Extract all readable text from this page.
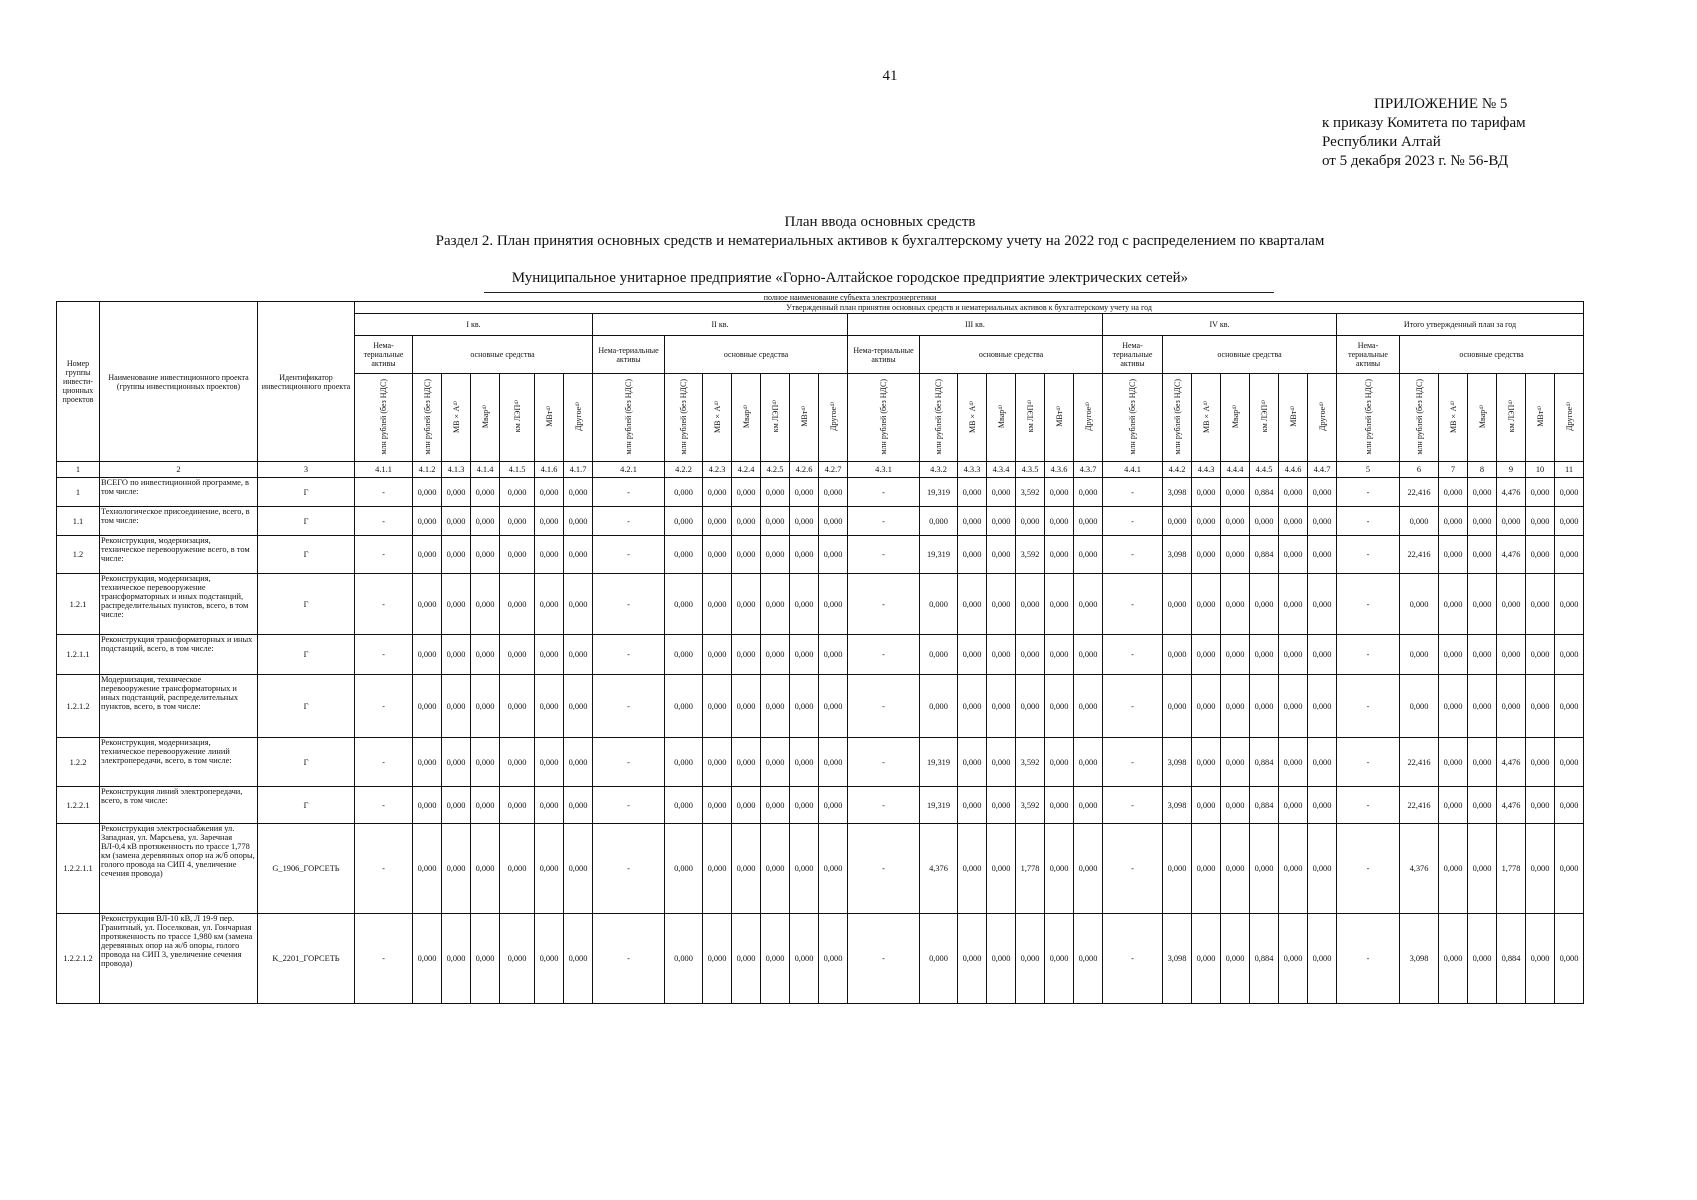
41
ПРИЛОЖЕНИЕ № 5
к приказу Комитета по тарифам
Республики Алтай
от 5 декабря 2023 г. № 56-ВД
План ввода основных средств
Раздел 2. План принятия основных средств и нематериальных активов к бухгалтерскому учету на 2022 год с распределением по кварталам
Муниципальное унитарное предприятие «Горно-Алтайское городское предприятие электрических сетей»
полное наименование субъекта электроэнергетики
Номер группы инвести-ционных проектов	Наименование инвестиционного проекта (группы инвестиционных проектов)	Идентификатор инвестиционного проекта	Утвержденный план принятия основных средств и нематериальных активов к бухгалтерскому учету на год																																		
			I кв.							II кв.							III кв.							IV кв.							Итого утвержденный план за год						
			Нема-териальные активы	основные средства						Нема-териальные активы	основные средства						Нема-териальные активы	основные средства						Нема-териальные активы	основные средства						Нема-териальные активы	основные средства					
			млн рублей (без НДС)	млн рублей (без НДС)	МВ×А⁴⁾	Мвар⁴⁾	км ЛЭП⁴⁾	МВт⁴⁾	Другое⁴⁾	млн рублей (без НДС)	млн рублей (без НДС)	МВ×А⁴⁾	Мвар⁴⁾	км ЛЭП⁴⁾	МВт⁴⁾	Другое⁴⁾	млн рублей (без НДС)	млн рублей (без НДС)	МВ×А⁴⁾	Мвар⁴⁾	км ЛЭП⁴⁾	МВт⁴⁾	Другое⁴⁾	млн рублей (без НДС)	млн рублей (без НДС)	МВ×А⁴⁾	Мвар⁴⁾	км ЛЭП⁴⁾	МВт⁴⁾	Другое⁴⁾	млн рублей (без НДС)	млн рублей (без НДС)	МВ×А⁴⁾	Мвар⁴⁾	км ЛЭП⁴⁾	МВт⁴⁾	Другое⁴⁾
1	2	3	4.1.1	4.1.2	4.1.3	4.1.4	4.1.5	4.1.6	4.1.7	4.2.1	4.2.2	4.2.3	4.2.4	4.2.5	4.2.6	4.2.7	4.3.1	4.3.2	4.3.3	4.3.4	4.3.5	4.3.6	4.3.7	4.4.1	4.4.2	4.4.3	4.4.4	4.4.5	4.4.6	4.4.7	5	6	7	8	9	10	11
1	ВСЕГО по инвестиционной программе, в том числе:	Г	-	0,000	0,000	0,000	0,000	0,000	0,000	-	0,000	0,000	0,000	0,000	0,000	0,000	-	19,319	0,000	0,000	3,592	0,000	0,000	-	3,098	0,000	0,000	0,884	0,000	0,000	-	22,416	0,000	0,000	4,476	0,000	0,000
1.1	Технологическое присоединение, всего, в том числе:	Г	-	0,000	0,000	0,000	0,000	0,000	0,000	-	0,000	0,000	0,000	0,000	0,000	0,000	-	0,000	0,000	0,000	0,000	0,000	0,000	-	0,000	0,000	0,000	0,000	0,000	0,000	-	0,000	0,000	0,000	0,000	0,000	0,000
1.2	Реконструкция, модернизация, техническое перевооружение всего, в том числе:	Г	-	0,000	0,000	0,000	0,000	0,000	0,000	-	0,000	0,000	0,000	0,000	0,000	0,000	-	19,319	0,000	0,000	3,592	0,000	0,000	-	3,098	0,000	0,000	0,884	0,000	0,000	-	22,416	0,000	0,000	4,476	0,000	0,000
1.2.1	Реконструкция, модернизация, техническое перевооружение трансформаторных и иных подстанций, распределительных пунктов, всего, в том числе:	Г	-	0,000	0,000	0,000	0,000	0,000	0,000	-	0,000	0,000	0,000	0,000	0,000	0,000	-	0,000	0,000	0,000	0,000	0,000	0,000	-	0,000	0,000	0,000	0,000	0,000	0,000	-	0,000	0,000	0,000	0,000	0,000	0,000
1.2.1.1	Реконструкция трансформаторных и иных подстанций, всего, в том числе:	Г	-	0,000	0,000	0,000	0,000	0,000	0,000	-	0,000	0,000	0,000	0,000	0,000	0,000	-	0,000	0,000	0,000	0,000	0,000	0,000	-	0,000	0,000	0,000	0,000	0,000	0,000	-	0,000	0,000	0,000	0,000	0,000	0,000
1.2.1.2	Модернизация, техническое перевооружение трансформаторных и иных подстанций, распределительных пунктов, всего, в том числе:	Г	-	0,000	0,000	0,000	0,000	0,000	0,000	-	0,000	0,000	0,000	0,000	0,000	0,000	-	0,000	0,000	0,000	0,000	0,000	0,000	-	0,000	0,000	0,000	0,000	0,000	0,000	-	0,000	0,000	0,000	0,000	0,000	0,000
1.2.2	Реконструкция, модернизация, техническое перевооружение линий электропередачи, всего, в том числе:	Г	-	0,000	0,000	0,000	0,000	0,000	0,000	-	0,000	0,000	0,000	0,000	0,000	0,000	-	19,319	0,000	0,000	3,592	0,000	0,000	-	3,098	0,000	0,000	0,884	0,000	0,000	-	22,416	0,000	0,000	4,476	0,000	0,000
1.2.2.1	Реконструкция линий электропередачи, всего, в том числе:	Г	-	0,000	0,000	0,000	0,000	0,000	0,000	-	0,000	0,000	0,000	0,000	0,000	0,000	-	19,319	0,000	0,000	3,592	0,000	0,000	-	3,098	0,000	0,000	0,884	0,000	0,000	-	22,416	0,000	0,000	4,476	0,000	0,000
1.2.2.1.1	Реконструкция электроснабжения ул. Западная, ул. Марсьева, ул. Заречная ВЛ-0,4 кВ протяженность по трассе 1,778 км (замена деревянных опор на ж/б опоры, голого провода на СИП 4, увеличение сечения провода)	G_1906_ГОРСЕТЬ	-	0,000	0,000	0,000	0,000	0,000	0,000	-	0,000	0,000	0,000	0,000	0,000	0,000	-	4,376	0,000	0,000	1,778	0,000	0,000	-	0,000	0,000	0,000	0,000	0,000	0,000	-	4,376	0,000	0,000	1,778	0,000	0,000
1.2.2.1.2	Реконструкция ВЛ-10 кВ, Л 19-9 пер. Гранитный, ул. Поселковая, ул. Гончарная протяженность по трассе 1,980 км (замена деревянных опор на ж/б опоры, голого провода на СИП 3, увеличение сечения провода)	K_2201_ГОРСЕТЬ	-	0,000	0,000	0,000	0,000	0,000	0,000	-	0,000	0,000	0,000	0,000	0,000	0,000	-	0,000	0,000	0,000	0,000	0,000	0,000	-	3,098	0,000	0,000	0,884	0,000	0,000	-	3,098	0,000	0,000	0,884	0,000	0,000
